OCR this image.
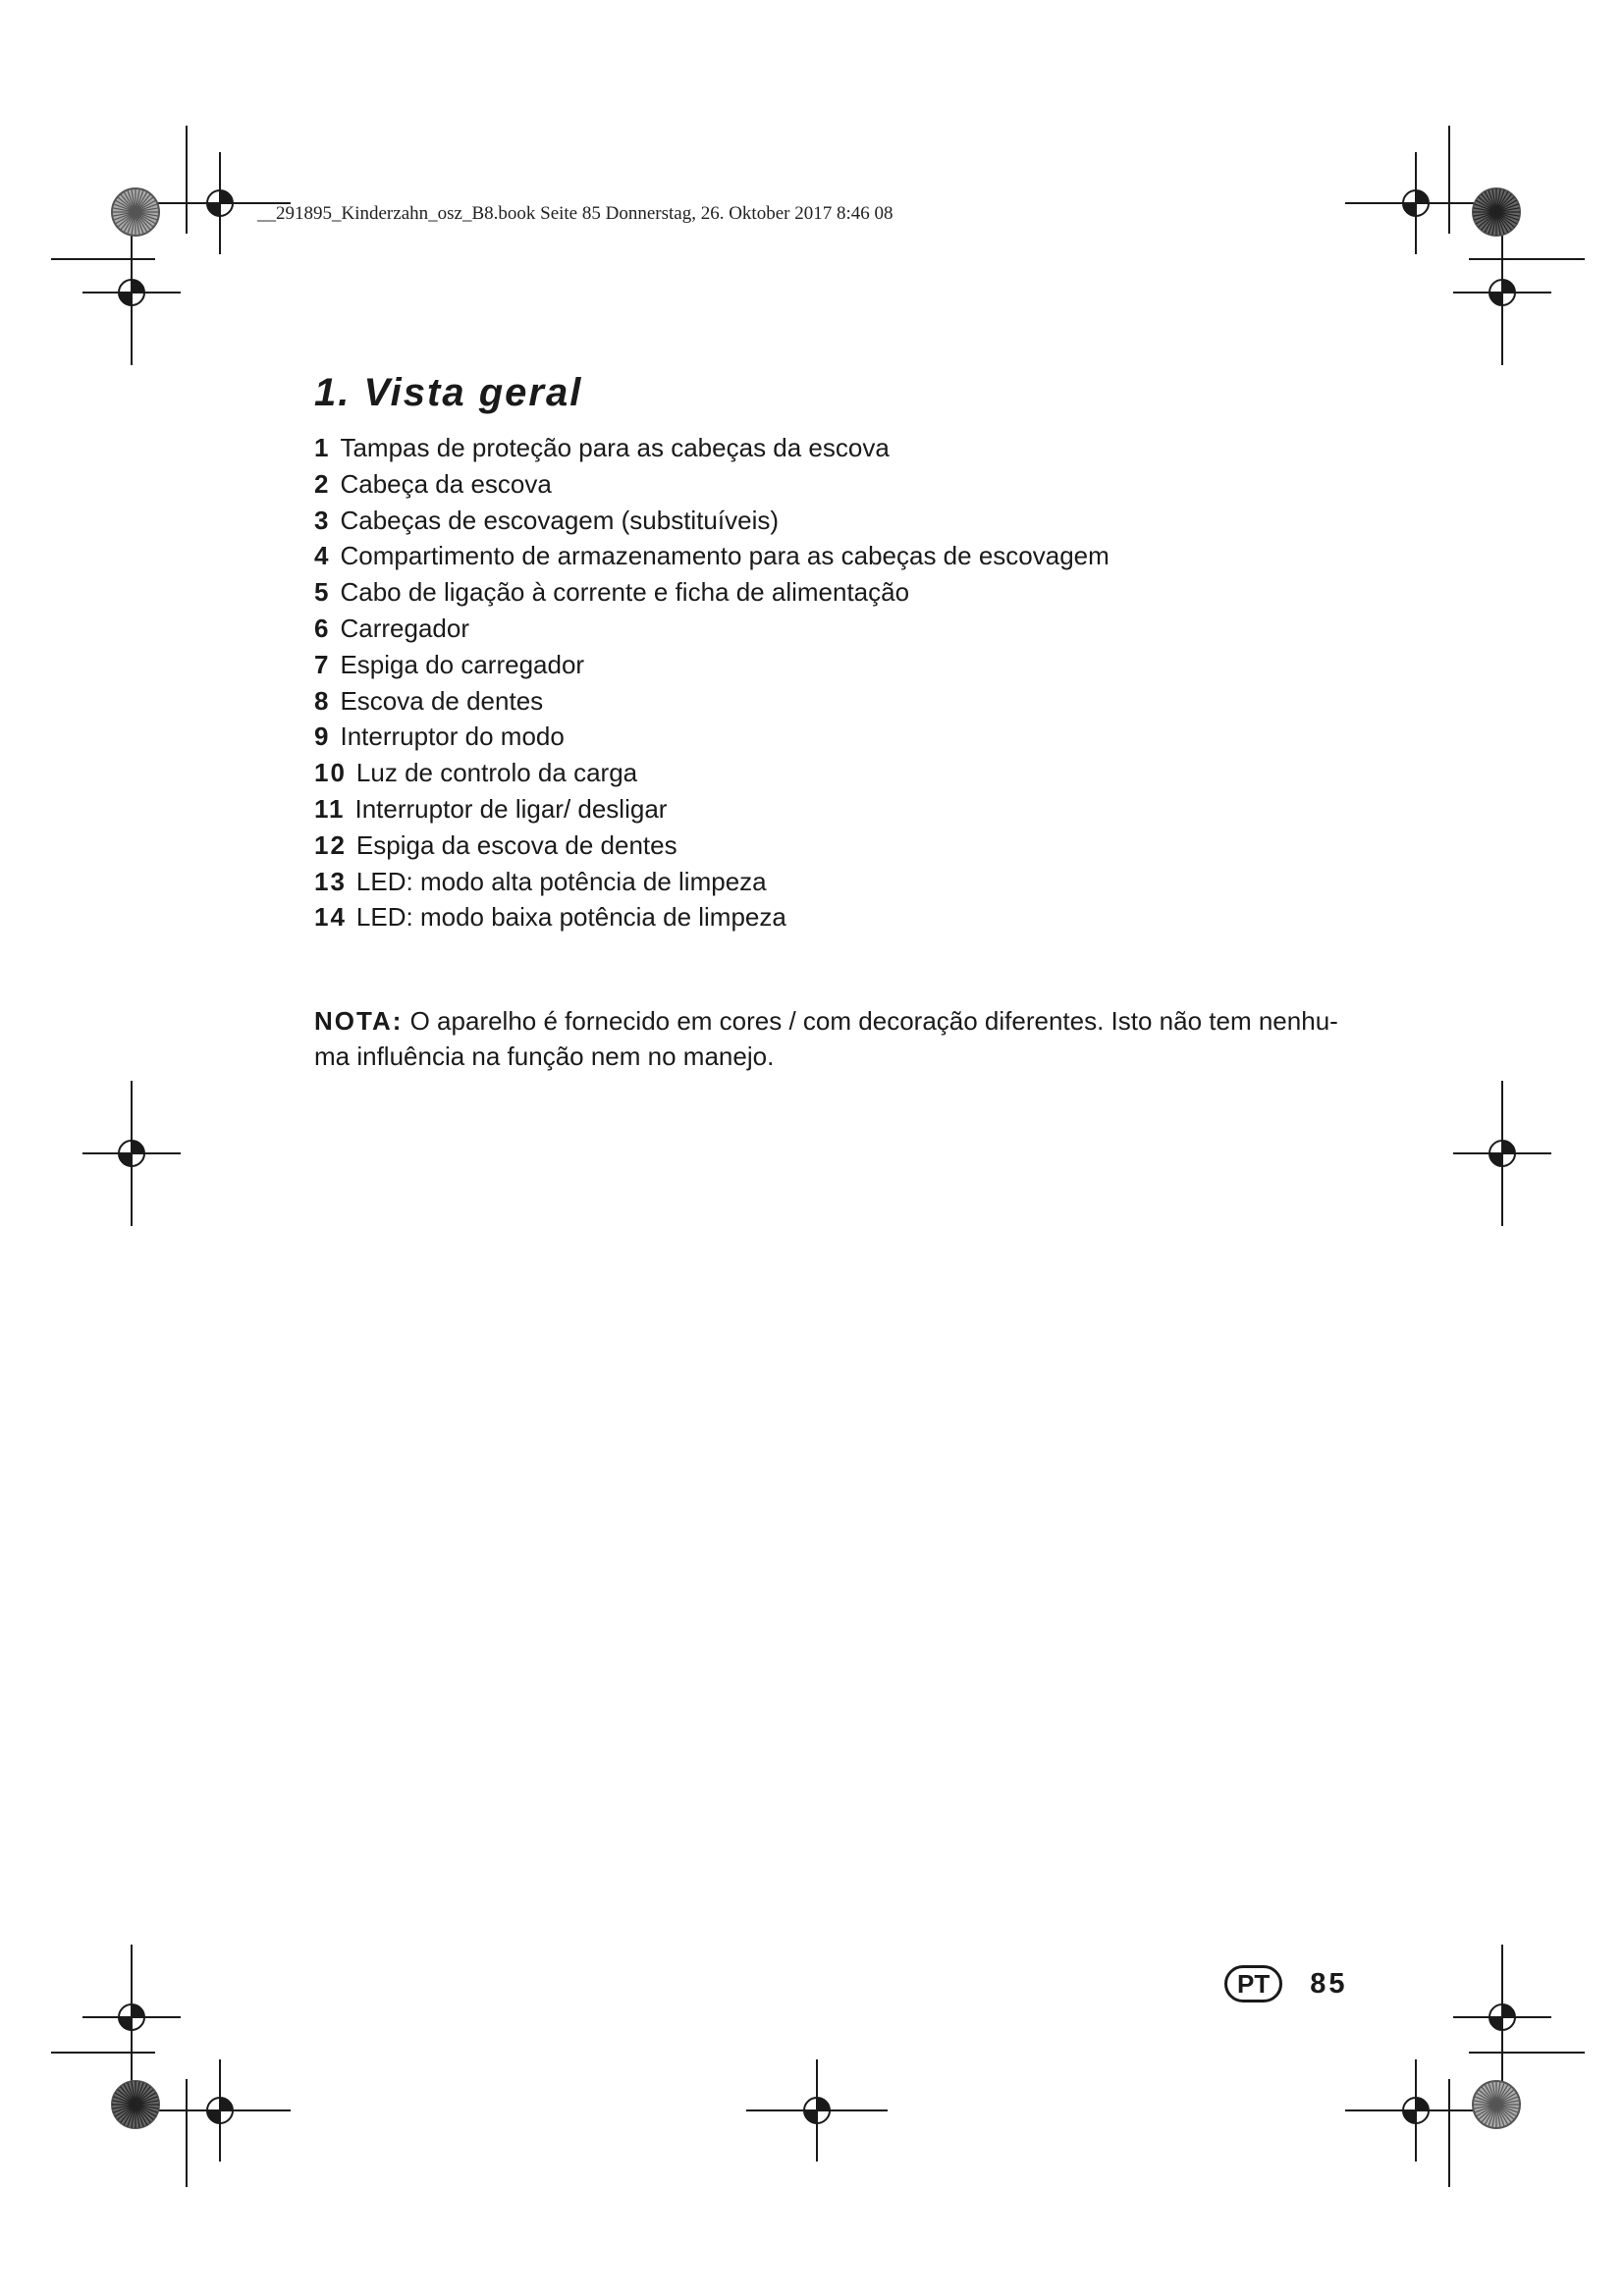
__291895_Kinderzahn_osz_B8.book Seite 85 Donnerstag, 26. Oktober 2017 8:46 08
1. Vista geral
1 Tampas de proteção para as cabeças da escova
2 Cabeça da escova
3 Cabeças de escovagem (substituíveis)
4 Compartimento de armazenamento para as cabeças de escovagem
5 Cabo de ligação à corrente e ficha de alimentação
6 Carregador
7 Espiga do carregador
8 Escova de dentes
9 Interruptor do modo
10 Luz de controlo da carga
11 Interruptor de ligar/ desligar
12 Espiga da escova de dentes
13 LED: modo alta potência de limpeza
14 LED: modo baixa potência de limpeza

NOTA: O aparelho é fornecido em cores / com decoração diferentes. Isto não tem nenhu-

ma influência na função nem no manejo.

PT	85
